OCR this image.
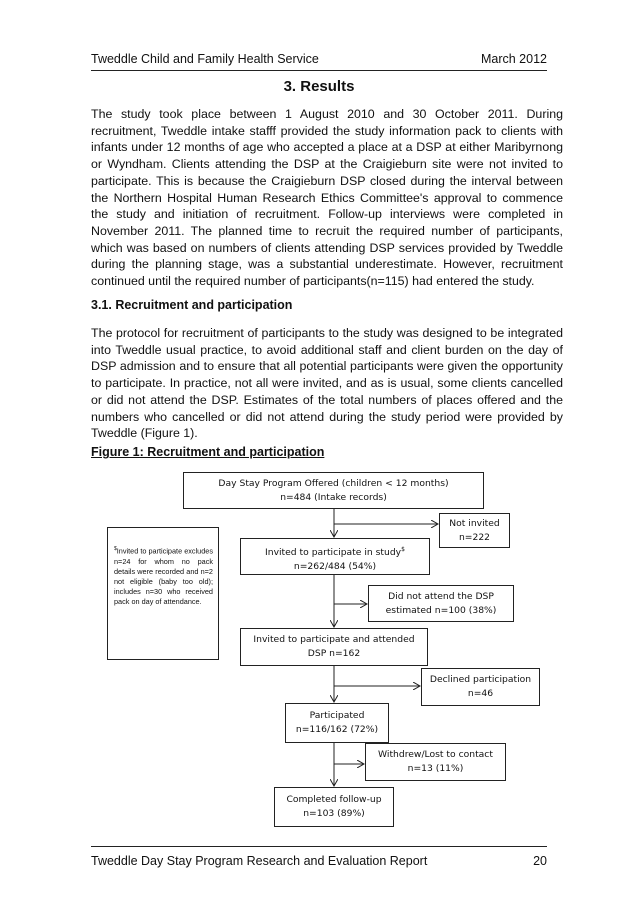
Tweddle Child and Family Health Service	March 2012
3. Results

The study took place between 1 August 2010 and 30 October 2011. During recruitment, Tweddle intake stafff provided the study information pack to clients with infants under 12 months of age who accepted a place at a DSP at either Maribyrnong or Wyndham. Clients attending the DSP at the Craigieburn site were not invited to participate. This is because the Craigieburn DSP closed during the interval between the Northern Hospital Human Research Ethics Committee's approval to commence the study and initiation of recruitment. Follow-up interviews were completed in November 2011. The planned time to recruit the required number of participants, which was based on numbers of clients attending DSP services provided by Tweddle during the planning stage, was a substantial underestimate. However, recruitment continued until the required number of participants(n=115) had entered the study.

3.1. Recruitment and participation

The protocol for recruitment of participants to the study was designed to be integrated into Tweddle usual practice, to avoid additional staff and client burden on the day of DSP admission and to ensure that all potential participants were given the opportunity to participate. In practice, not all were invited, and as is usual, some clients cancelled or did not attend the DSP. Estimates of the total numbers of places offered and the numbers who cancelled or did not attend during the study period were provided by Tweddle (Figure 1).

Figure 1: Recruitment and participation
Day Stay Program Offered (children < 12 months)
n=484 (Intake records)
Not invited
n=222
Invited to participate in study$
n=262/484 (54%)
$Invited to participate excludes n=24 for whom no pack details were recorded and n=2 not eligible (baby too old); includes n=30 who received pack on day of attendance.	Did not attend the DSP
estimated n=100 (38%)
Invited to participate and attended
DSP n=162
Declined participation
n=46
Participated
n=116/162 (72%)
Withdrew/Lost to contact
n=13 (11%)
Completed follow-up
n=103 (89%)
Tweddle Day Stay Program Research and Evaluation Report	20
